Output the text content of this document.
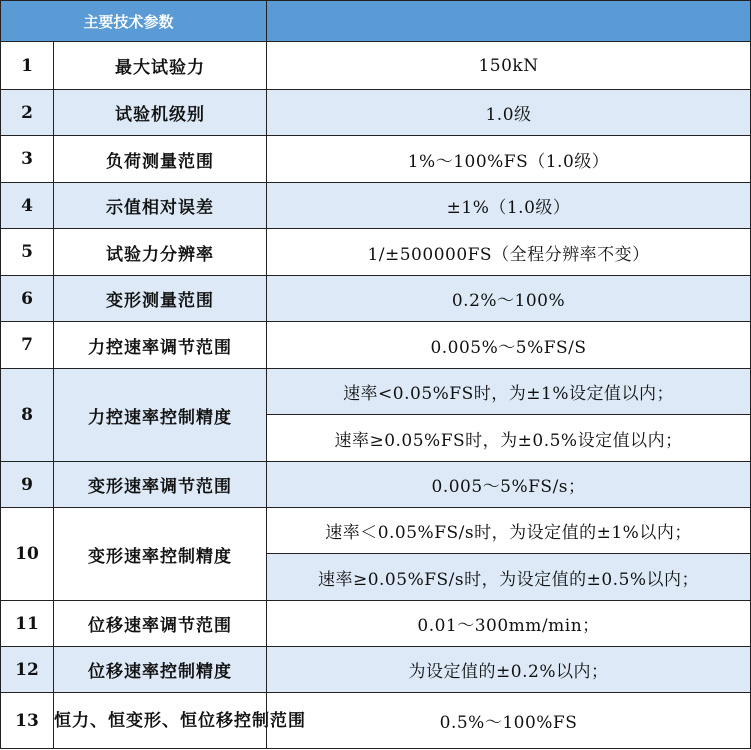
主要技术参数		
1	最大试验力	150kN
2	试验机级别	1.0级
3	负荷测量范围	1%～100%FS（1.0级）
4	示值相对误差	±1%（1.0级）
5	试验力分辨率	1/±500000FS（全程分辨率不变）
6	变形测量范围	0.2%～100%
7	力控速率调节范围	0.005%～5%FS/S
8	力控速率控制精度	速率<0.05%FS时，为±1%设定值以内；
		速率≥0.05%FS时，为±0.5%设定值以内；
9	变形速率调节范围	0.005～5%FS/s；
10	变形速率控制精度	速率＜0.05%FS/s时，为设定值的±1%以内；
		速率≥0.05%FS/s时，为设定值的±0.5%以内；
11	位移速率调节范围	0.01～300mm/min；
12	位移速率控制精度	为设定值的±0.2%以内；
13	恒力、恒变形、恒位移控制范围	0.5%～100%FS
